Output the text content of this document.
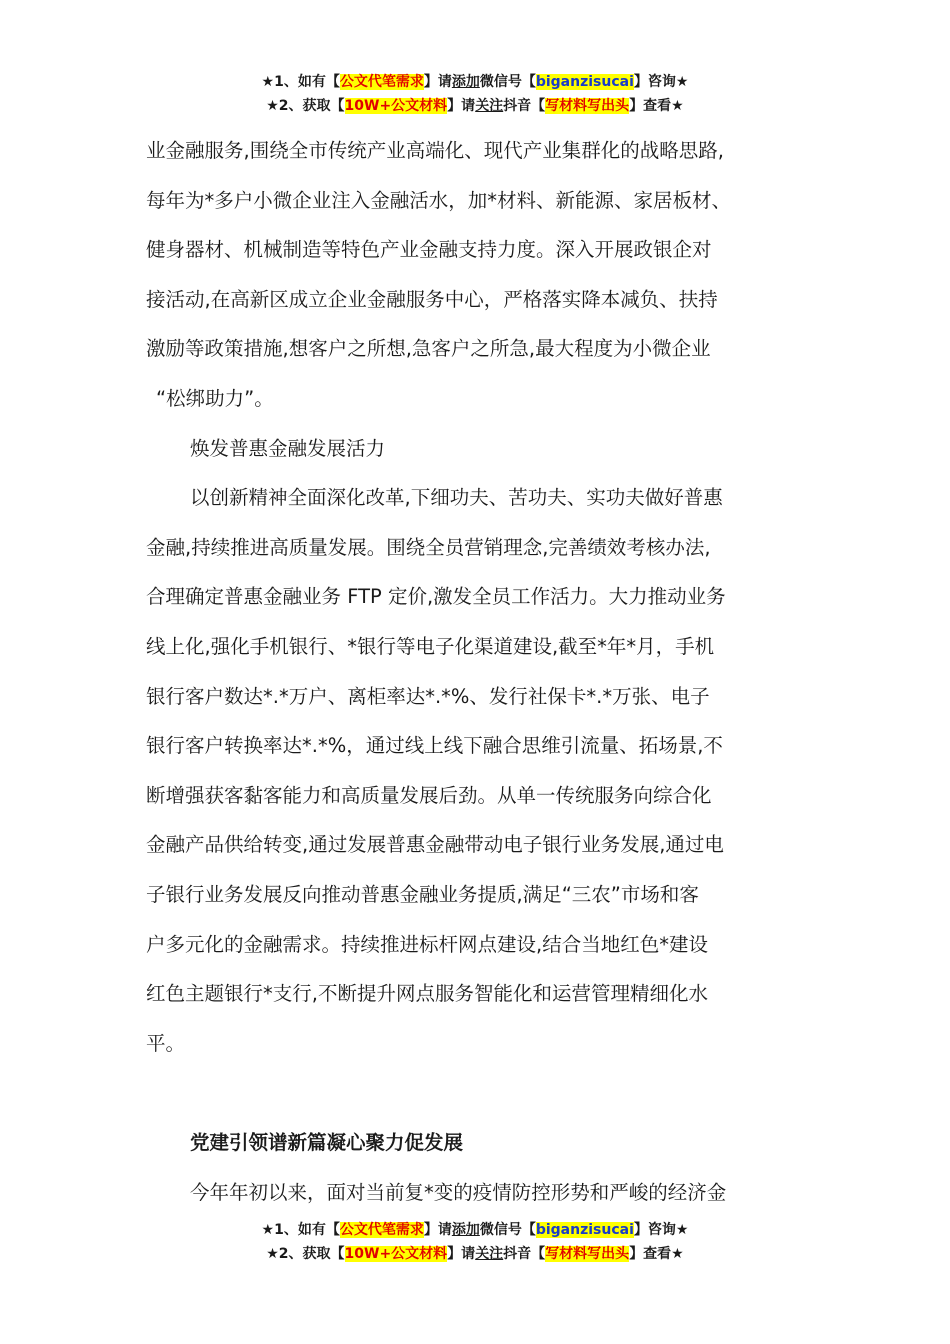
★1、如有【公文代笔需求】请添加微信号【biganzisucai】咨询★
★2、获取【10W+公文材料】请关注抖音【写材料写出头】查看★
业金融服务,围绕全市传统产业高端化、现代产业集群化的战略思路,
每年为*多户小微企业注入金融活水，加*材料、新能源、家居板材、
健身器材、机械制造等特色产业金融支持力度。深入开展政银企对
接活动,在高新区成立企业金融服务中心，严格落实降本减负、扶持
激励等政策措施,想客户之所想,急客户之所急,最大程度为小微企业
“松绑助力”。
焕发普惠金融发展活力
以创新精神全面深化改革,下细功夫、苦功夫、实功夫做好普惠
金融,持续推进高质量发展。围绕全员营销理念,完善绩效考核办法,
合理确定普惠金融业务 FTP 定价,激发全员工作活力。大力推动业务
线上化,强化手机银行、*银行等电子化渠道建设,截至*年*月，手机
银行客户数达*.*万户、离柜率达*.*%、发行社保卡*.*万张、电子
银行客户转换率达*.*%，通过线上线下融合思维引流量、拓场景,不
断增强获客黏客能力和高质量发展后劲。从单一传统服务向综合化
金融产品供给转变,通过发展普惠金融带动电子银行业务发展,通过电
子银行业务发展反向推动普惠金融业务提质,满足“三农”市场和客
户多元化的金融需求。持续推进标杆网点建设,结合当地红色*建设
红色主题银行*支行,不断提升网点服务智能化和运营管理精细化水
平。
党建引领谱新篇凝心聚力促发展
今年年初以来，面对当前复*变的疫情防控形势和严峻的经济金
★1、如有【公文代笔需求】请添加微信号【biganzisucai】咨询★
★2、获取【10W+公文材料】请关注抖音【写材料写出头】查看★
